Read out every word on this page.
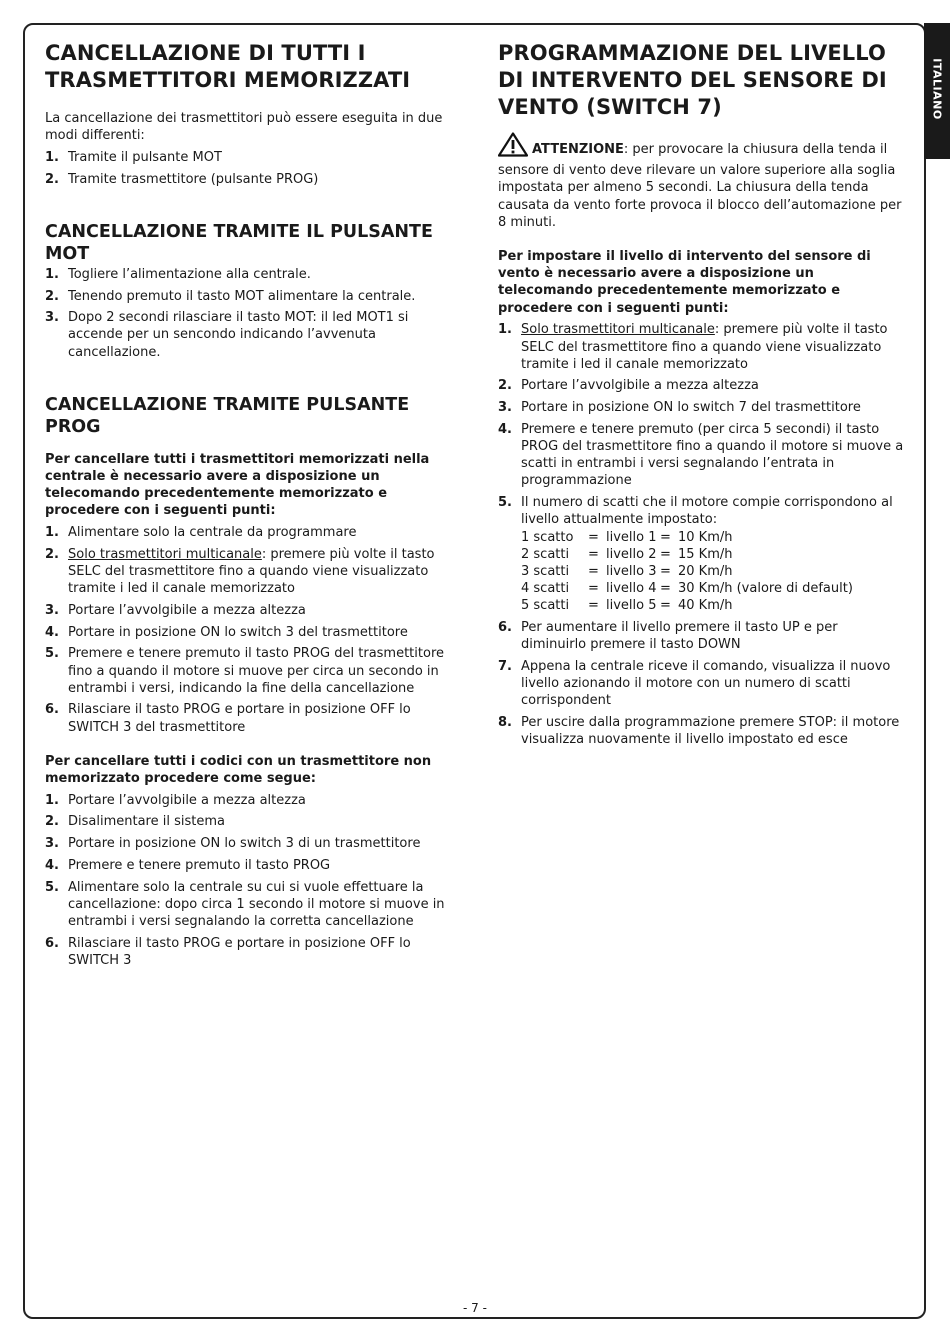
ITALIANO
CANCELLAZIONE DI TUTTI I TRASMETTITORI MEMORIZZATI

La cancellazione dei trasmettitori può essere eseguita in due modi differenti:

1. Tramite il pulsante MOT
2. Tramite trasmettitore (pulsante PROG)
CANCELLAZIONE TRAMITE IL PULSANTE MOT
1. Togliere l’alimentazione alla centrale.
2. Tenendo premuto il tasto MOT alimentare la centrale.
3. Dopo 2 secondi rilasciare il tasto MOT: il led MOT1 si accende per un sencondo indicando l’avvenuta cancellazione.
CANCELLAZIONE TRAMITE PULSANTE PROG

Per cancellare tutti i trasmettitori memorizzati nella centrale è necessario avere a disposizione un telecomando precedentemente memorizzato e procedere con i seguenti punti:

1. Alimentare solo la centrale da programmare
2. Solo trasmettitori multicanale: premere più volte il tasto SELC del trasmettitore fino a quando viene visualizzato tramite i led il canale memorizzato
3. Portare l’avvolgibile a mezza altezza
4. Portare in posizione ON lo switch 3 del trasmettitore
5. Premere e tenere premuto il tasto PROG del trasmettitore fino a quando il motore si muove per circa un secondo in entrambi i versi, indicando la fine della cancellazione
6. Rilasciare il tasto PROG e portare in posizione OFF lo SWITCH 3 del trasmettitore

Per cancellare tutti i codici con un trasmettitore non memorizzato procedere come segue:

1. Portare l’avvolgibile a mezza altezza
2. Disalimentare il sistema
3. Portare in posizione ON lo switch 3 di un trasmettitore
4. Premere e tenere premuto il tasto PROG
5. Alimentare solo la centrale su cui si vuole effettuare la cancellazione: dopo circa 1 secondo il motore si muove in entrambi i versi segnalando la corretta cancellazione
6. Rilasciare il tasto PROG e portare in posizione OFF lo SWITCH 3
PROGRAMMAZIONE DEL LIVELLO DI INTERVENTO DEL SENSORE DI VENTO (SWITCH 7)

ATTENZIONE: per provocare la chiusura della tenda il sensore di vento deve rilevare un valore superiore alla soglia impostata per almeno 5 secondi. La chiusura della tenda causata da vento forte provoca il blocco dell’automazione per 8 minuti.

Per impostare il livello di intervento del sensore di vento è necessario avere a disposizione un telecomando precedentemente memorizzato e procedere con i seguenti punti:

1. Solo trasmettitori multicanale: premere più volte il tasto SELC del trasmettitore fino a quando viene visualizzato tramite i led il canale memorizzato
2. Portare l’avvolgibile a mezza altezza
3. Portare in posizione ON lo switch 7 del trasmettitore
4. Premere e tenere premuto (per circa 5 secondi) il tasto PROG del trasmettitore fino a quando il motore si muove a scatti in entrambi i versi segnalando l’entrata in programmazione
5. Il numero di scatti che il motore compie corrispondono al livello attualmente impostato:
1 scatto = livello 1 = 10 Km/h
2 scatti = livello 2 = 15 Km/h
3 scatti = livello 3 = 20 Km/h
4 scatti = livello 4 = 30 Km/h (valore di default)
5 scatti = livello 5 = 40 Km/h
6. Per aumentare il livello premere il tasto UP e per diminuirlo premere il tasto DOWN
7. Appena la centrale riceve il comando, visualizza il nuovo livello azionando il motore con un numero di scatti corrispondent
8. Per uscire dalla programmazione premere STOP: il motore visualizza nuovamente il livello impostato ed esce
- 7 -
